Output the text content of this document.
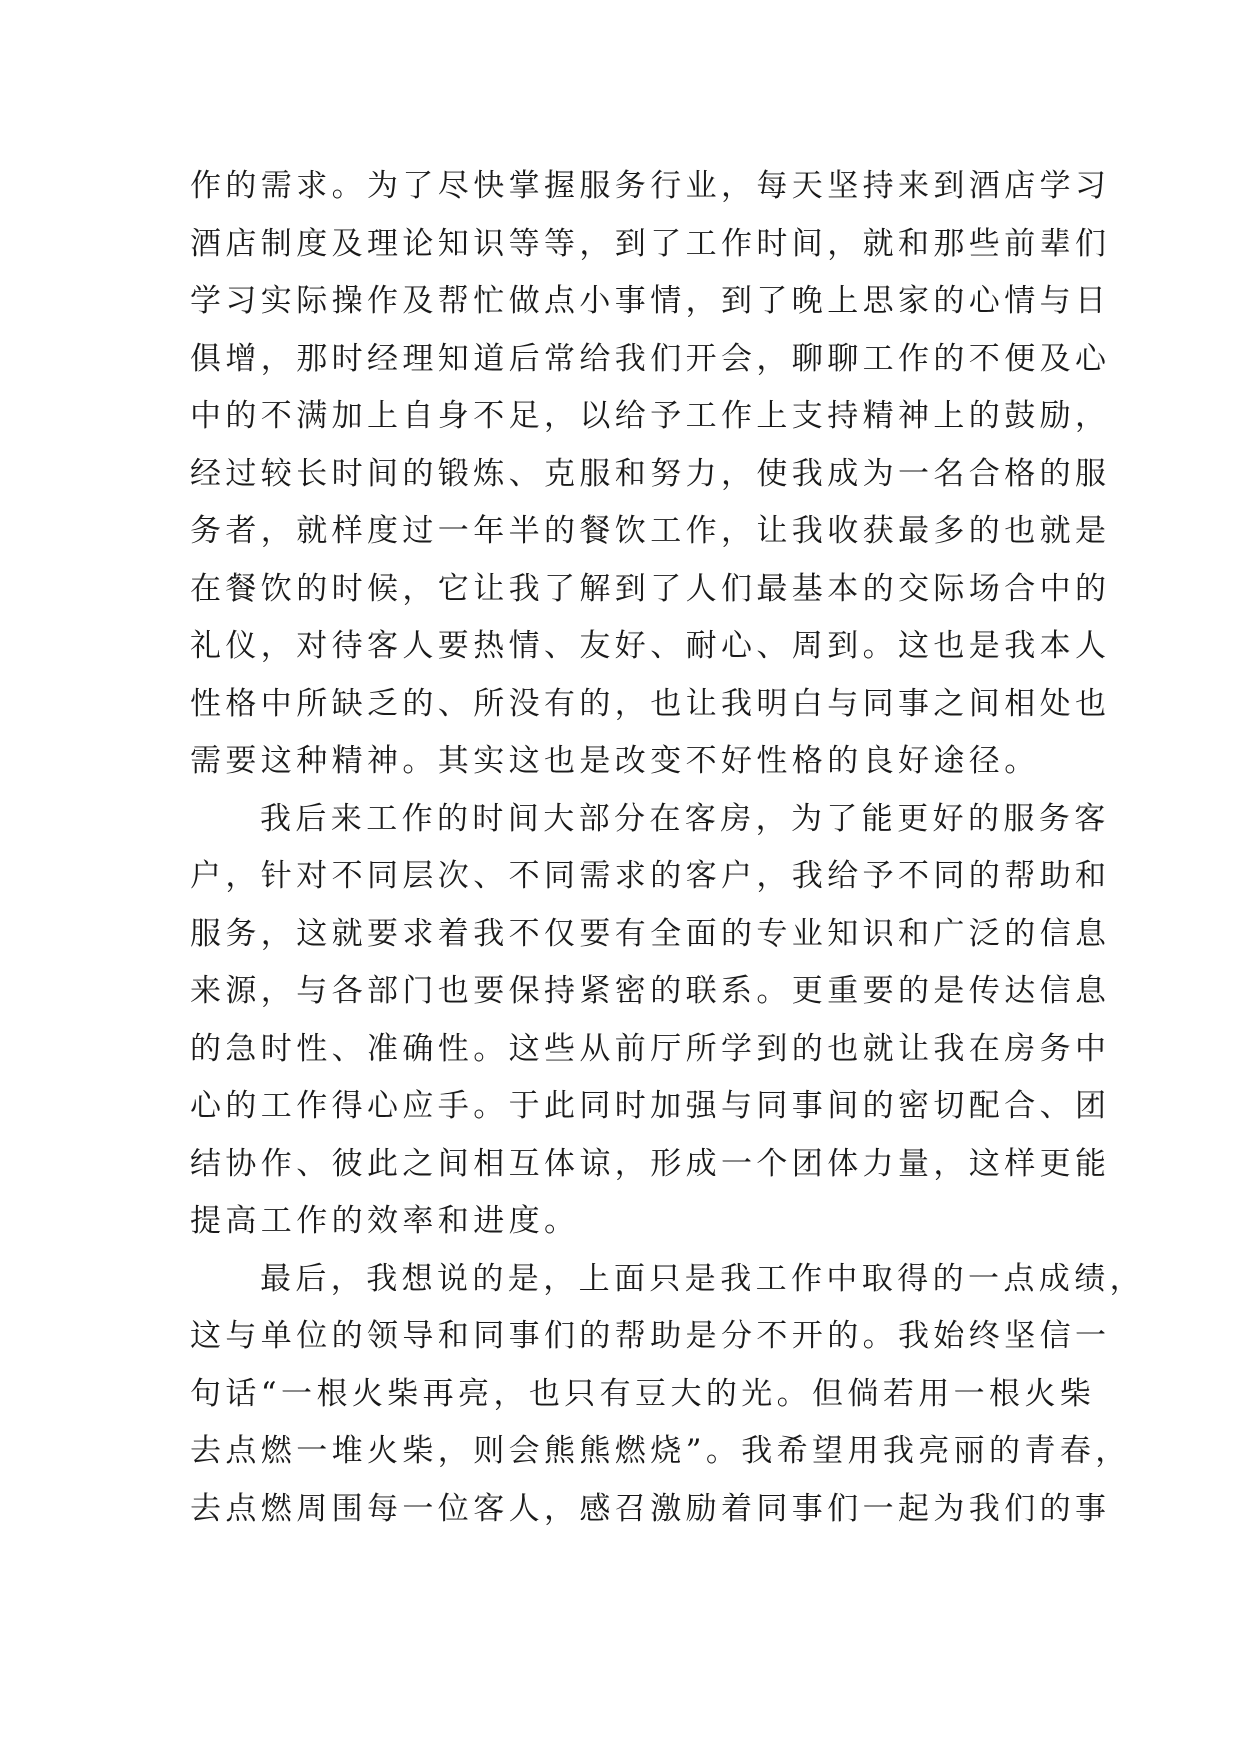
作的需求。为了尽快掌握服务行业，每天坚持来到酒店学习
酒店制度及理论知识等等，到了工作时间，就和那些前辈们
学习实际操作及帮忙做点小事情，到了晚上思家的心情与日
俱增，那时经理知道后常给我们开会，聊聊工作的不便及心
中的不满加上自身不足，以给予工作上支持精神上的鼓励，
经过较长时间的锻炼、克服和努力，使我成为一名合格的服
务者，就样度过一年半的餐饮工作，让我收获最多的也就是
在餐饮的时候，它让我了解到了人们最基本的交际场合中的
礼仪，对待客人要热情、友好、耐心、周到。这也是我本人
性格中所缺乏的、所没有的，也让我明白与同事之间相处也
需要这种精神。其实这也是改变不好性格的良好途径。
我后来工作的时间大部分在客房，为了能更好的服务客
户，针对不同层次、不同需求的客户，我给予不同的帮助和
服务，这就要求着我不仅要有全面的专业知识和广泛的信息
来源，与各部门也要保持紧密的联系。更重要的是传达信息
的急时性、准确性。这些从前厅所学到的也就让我在房务中
心的工作得心应手。于此同时加强与同事间的密切配合、团
结协作、彼此之间相互体谅，形成一个团体力量，这样更能
提高工作的效率和进度。
最后，我想说的是，上面只是我工作中取得的一点成绩，
这与单位的领导和同事们的帮助是分不开的。我始终坚信一
句话“一根火柴再亮，也只有豆大的光。但倘若用一根火柴
去点燃一堆火柴，则会熊熊燃烧”。我希望用我亮丽的青春，
去点燃周围每一位客人，感召激励着同事们一起为我们的事
